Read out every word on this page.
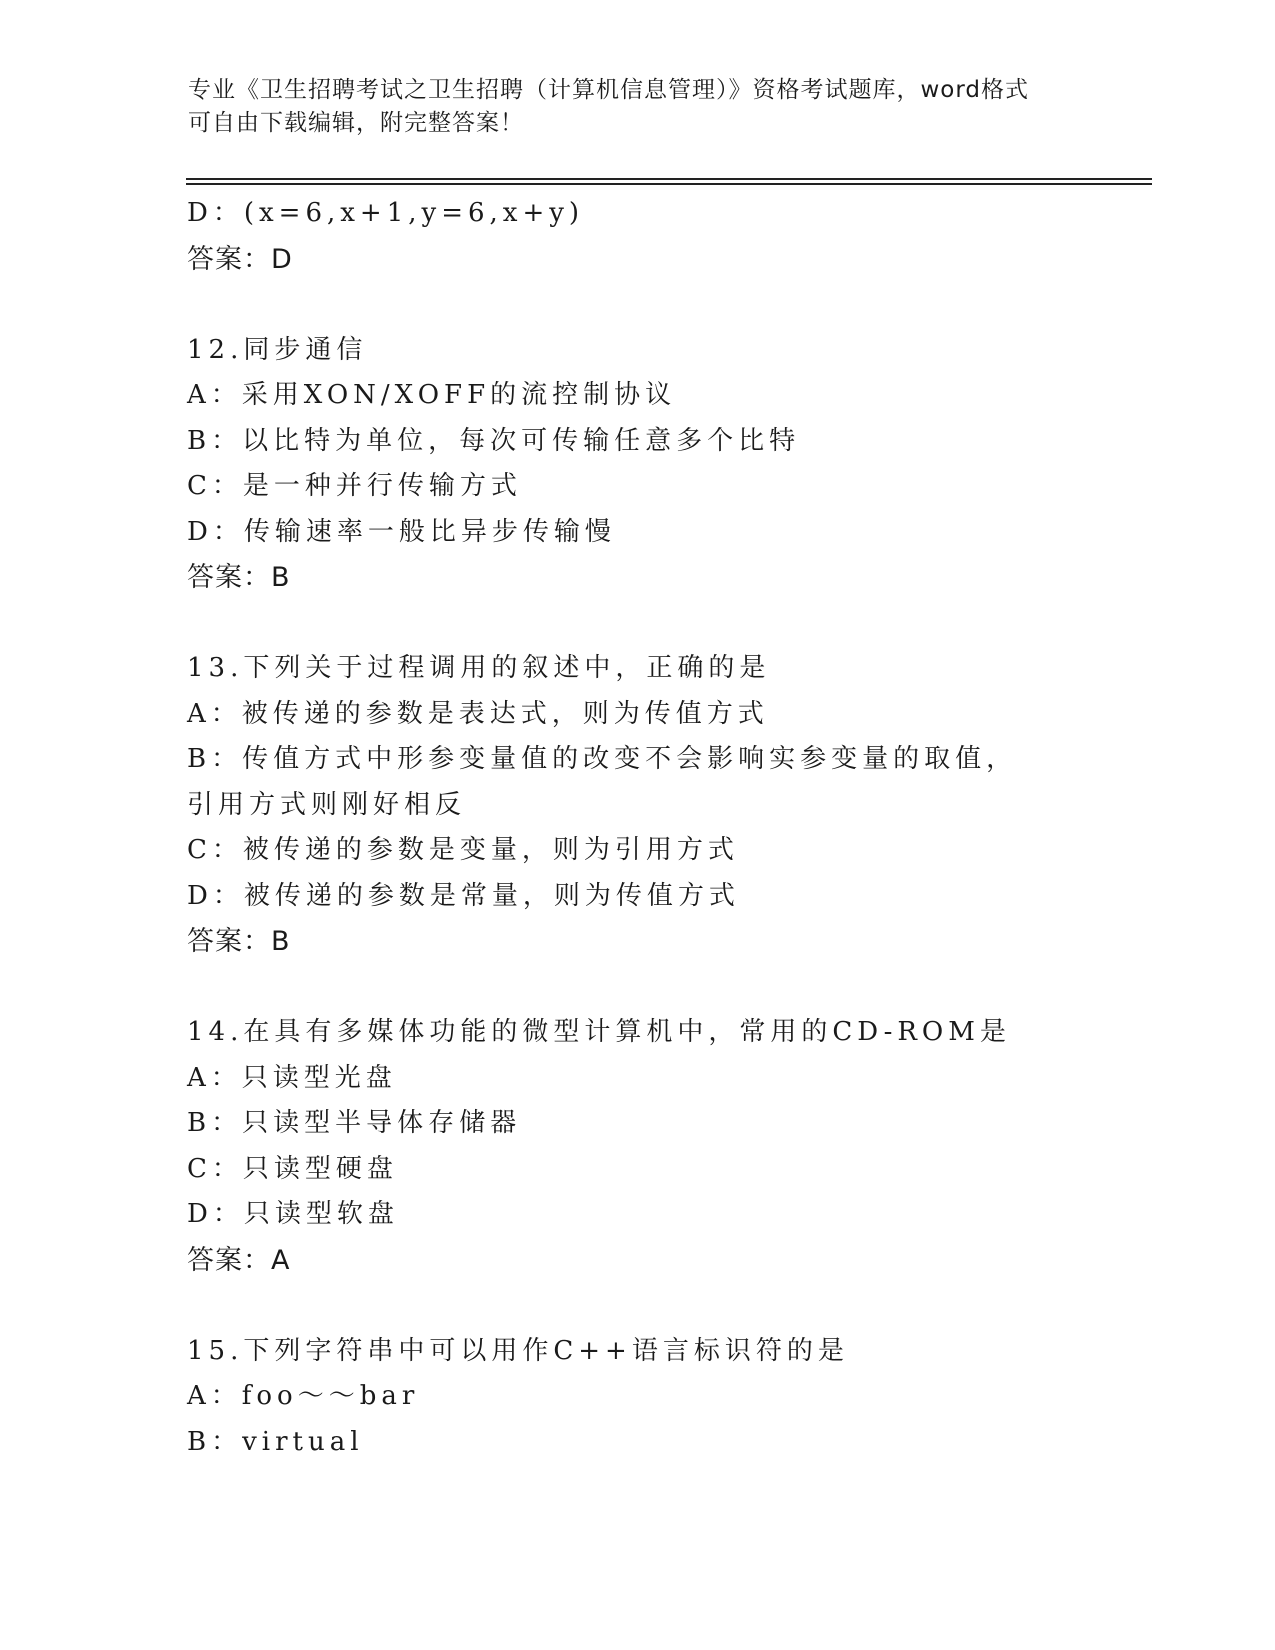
专业《卫生招聘考试之卫生招聘（计算机信息管理）》资格考试题库，word格式
可自由下载编辑，附完整答案！
D：(x=6,x+1,y=6,x+y)
答案：D
12.同步通信
A：采用XON/XOFF的流控制协议
B：以比特为单位，每次可传输任意多个比特
C：是一种并行传输方式
D：传输速率一般比异步传输慢
答案：B
13.下列关于过程调用的叙述中，正确的是
A：被传递的参数是表达式，则为传值方式
B：传值方式中形参变量值的改变不会影响实参变量的取值，引用方式则刚好相反
C：被传递的参数是变量，则为引用方式
D：被传递的参数是常量，则为传值方式
答案：B
14.在具有多媒体功能的微型计算机中，常用的CD-ROM是
A：只读型光盘
B：只读型半导体存储器
C：只读型硬盘
D：只读型软盘
答案：A
15.下列字符串中可以用作C++语言标识符的是
A：foo～～bar
B：virtual
